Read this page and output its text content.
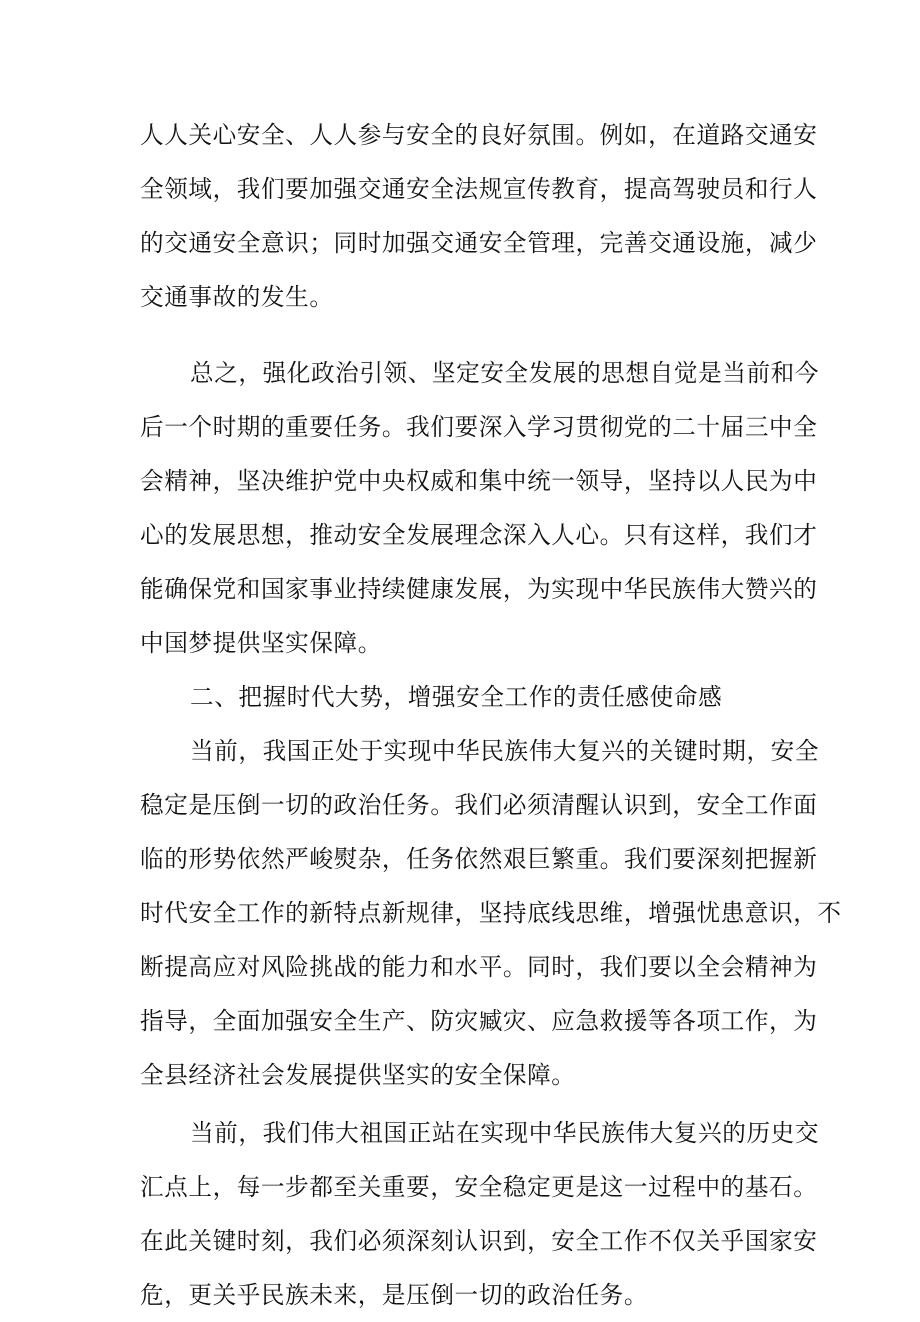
人人关心安全、人人参与安全的良好氛围。例如，在道路交通安
全领域，我们要加强交通安全法规宣传教育，提高驾驶员和行人
的交通安全意识；同时加强交通安全管理，完善交通设施，减少
交通事故的发生。
总之，强化政治引领、坚定安全发展的思想自觉是当前和今
后一个时期的重要任务。我们要深入学习贯彻党的二十届三中全
会精神，坚决维护党中央权威和集中统一领导，坚持以人民为中
心的发展思想，推动安全发展理念深入人心。只有这样，我们才
能确保党和国家事业持续健康发展，为实现中华民族伟大赞兴的
中国梦提供坚实保障。
二、把握时代大势，增强安全工作的责任感使命感
当前，我国正处于实现中华民族伟大复兴的关键时期，安全
稳定是压倒一切的政治任务。我们必须清醒认识到，安全工作面
临的形势依然严峻熨杂，任务依然艰巨繁重。我们要深刻把握新
时代安全工作的新特点新规律，坚持底线思维，增强忧患意识，不
断提高应对风险挑战的能力和水平。同时，我们要以全会精神为
指导，全面加强安全生产、防灾臧灾、应急救援等各项工作，为
全县经济社会发展提供坚实的安全保障。
当前，我们伟大祖国正站在实现中华民族伟大复兴的历史交
汇点上，每一步都至关重要，安全稳定更是这一过程中的基石。
在此关键时刻，我们必须深刻认识到，安全工作不仅关乎国家安
危，更关乎民族未来，是压倒一切的政治任务。
